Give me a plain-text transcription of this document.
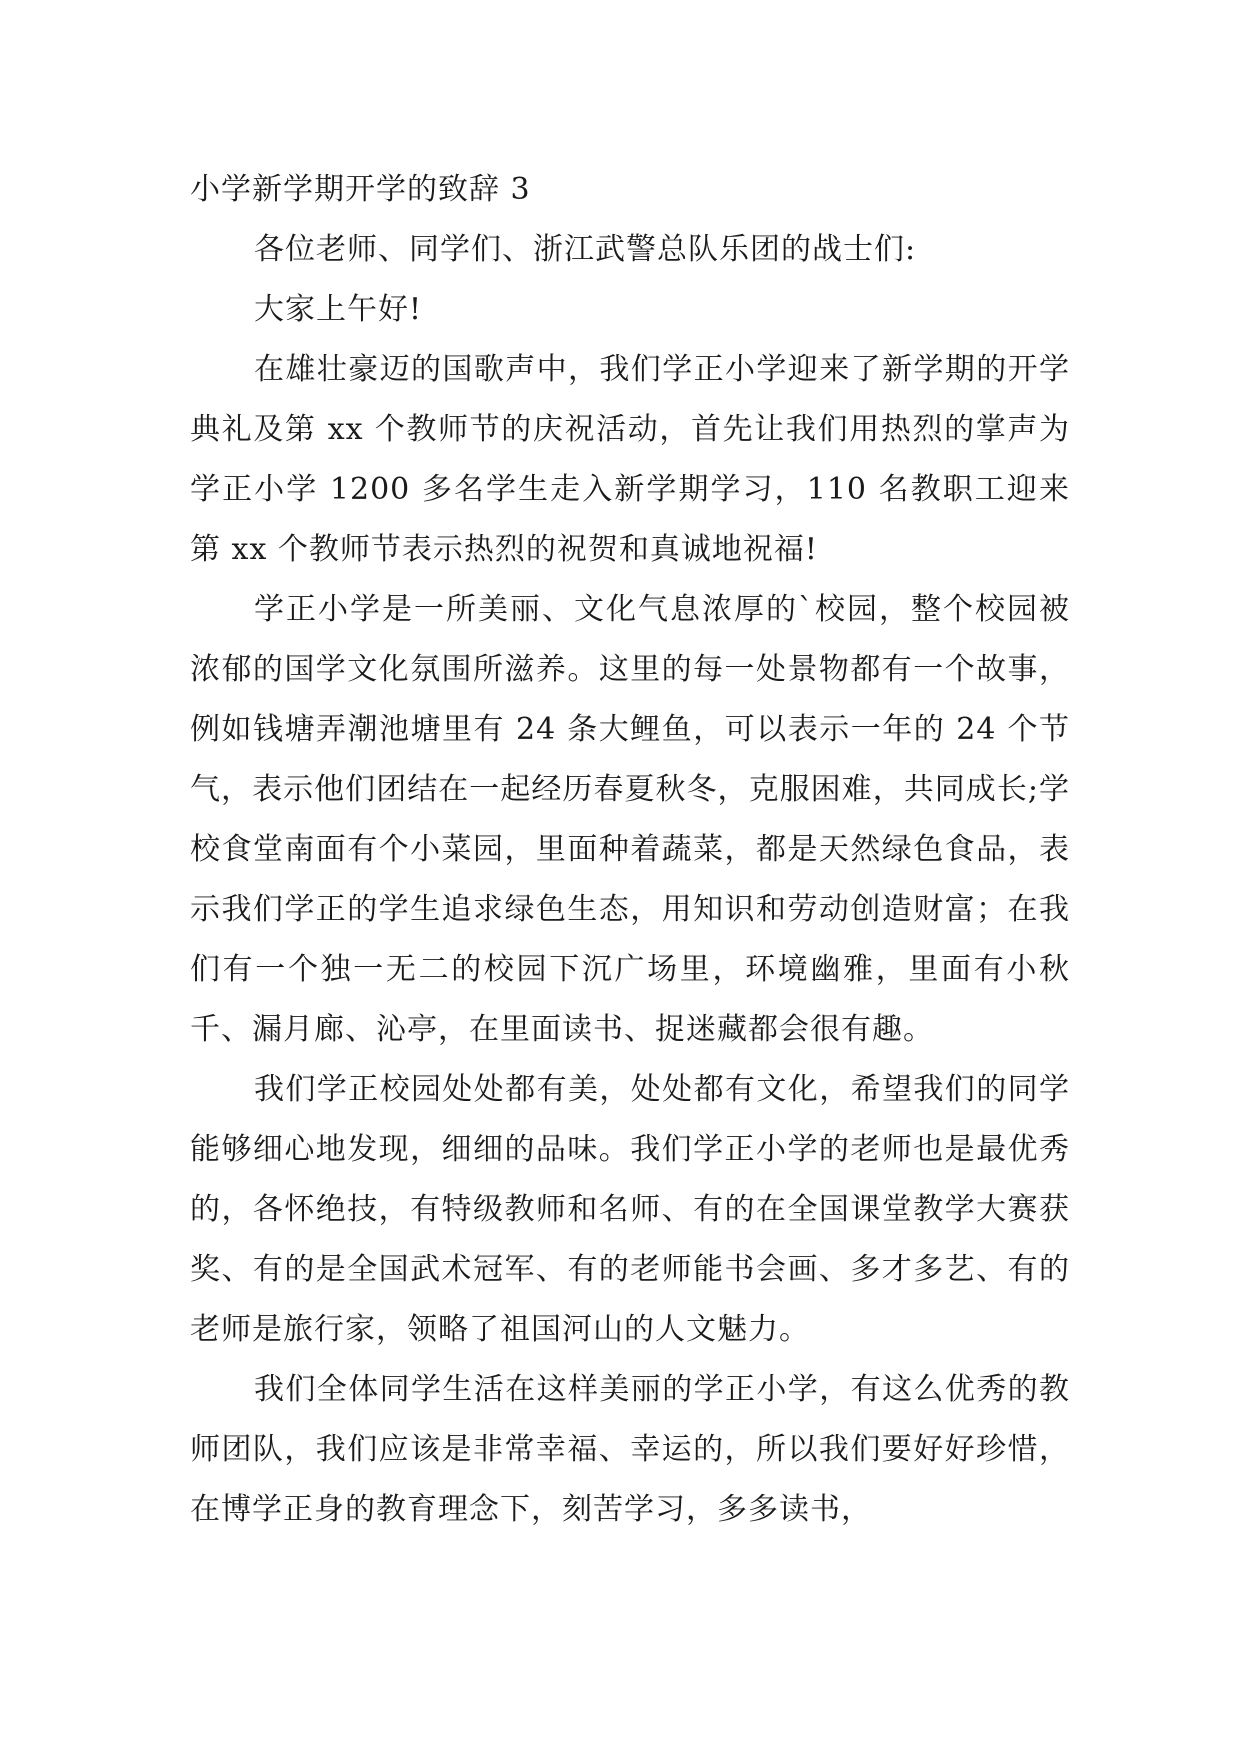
小学新学期开学的致辞 3

各位老师、同学们、浙江武警总队乐团的战士们:

大家上午好!

在雄壮豪迈的国歌声中，我们学正小学迎来了新学期的开学典礼及第 xx 个教师节的庆祝活动，首先让我们用热烈的掌声为学正小学 1200 多名学生走入新学期学习，110 名教职工迎来第 xx 个教师节表示热烈的祝贺和真诚地祝福!

学正小学是一所美丽、文化气息浓厚的`校园，整个校园被浓郁的国学文化氛围所滋养。这里的每一处景物都有一个故事，例如钱塘弄潮池塘里有 24 条大鲤鱼，可以表示一年的 24 个节气，表示他们团结在一起经历春夏秋冬，克服困难，共同成长;学校食堂南面有个小菜园，里面种着蔬菜，都是天然绿色食品，表示我们学正的学生追求绿色生态，用知识和劳动创造财富；在我们有一个独一无二的校园下沉广场里，环境幽雅，里面有小秋千、漏月廊、沁亭，在里面读书、捉迷藏都会很有趣。

我们学正校园处处都有美，处处都有文化，希望我们的同学能够细心地发现，细细的品味。我们学正小学的老师也是最优秀的，各怀绝技，有特级教师和名师、有的在全国课堂教学大赛获奖、有的是全国武术冠军、有的老师能书会画、多才多艺、有的老师是旅行家，领略了祖国河山的人文魅力。

我们全体同学生活在这样美丽的学正小学，有这么优秀的教师团队，我们应该是非常幸福、幸运的，所以我们要好好珍惜，在博学正身的教育理念下，刻苦学习，多多读书，
